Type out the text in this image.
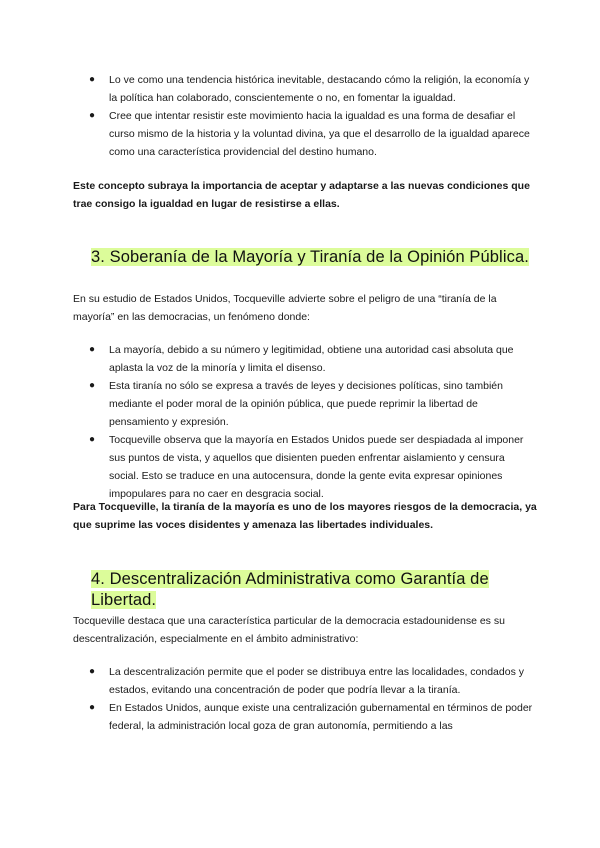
● Lo ve como una tendencia histórica inevitable, destacando cómo la religión, la economía y la política han colaborado, conscientemente o no, en fomentar la igualdad.
● Cree que intentar resistir este movimiento hacia la igualdad es una forma de desafiar el curso mismo de la historia y la voluntad divina, ya que el desarrollo de la igualdad aparece como una característica providencial del destino humano.

Este concepto subraya la importancia de aceptar y adaptarse a las nuevas condiciones que trae consigo la igualdad en lugar de resistirse a ellas.

3. Soberanía de la Mayoría y Tiranía de la Opinión Pública.

En su estudio de Estados Unidos, Tocqueville advierte sobre el peligro de una “tiranía de la mayoría” en las democracias, un fenómeno donde:

● La mayoría, debido a su número y legitimidad, obtiene una autoridad casi absoluta que aplasta la voz de la minoría y limita el disenso.
● Esta tiranía no sólo se expresa a través de leyes y decisiones políticas, sino también mediante el poder moral de la opinión pública, que puede reprimir la libertad de pensamiento y expresión.
● Tocqueville observa que la mayoría en Estados Unidos puede ser despiadada al imponer sus puntos de vista, y aquellos que disienten pueden enfrentar aislamiento y censura social. Esto se traduce en una autocensura, donde la gente evita expresar opiniones impopulares para no caer en desgracia social.

Para Tocqueville, la tiranía de la mayoría es uno de los mayores riesgos de la democracia, ya que suprime las voces disidentes y amenaza las libertades individuales.

4. Descentralización Administrativa como Garantía de Libertad.

Tocqueville destaca que una característica particular de la democracia estadounidense es su descentralización, especialmente en el ámbito administrativo:

● La descentralización permite que el poder se distribuya entre las localidades, condados y estados, evitando una concentración de poder que podría llevar a la tiranía.
● En Estados Unidos, aunque existe una centralización gubernamental en términos de poder federal, la administración local goza de gran autonomía, permitiendo a las
